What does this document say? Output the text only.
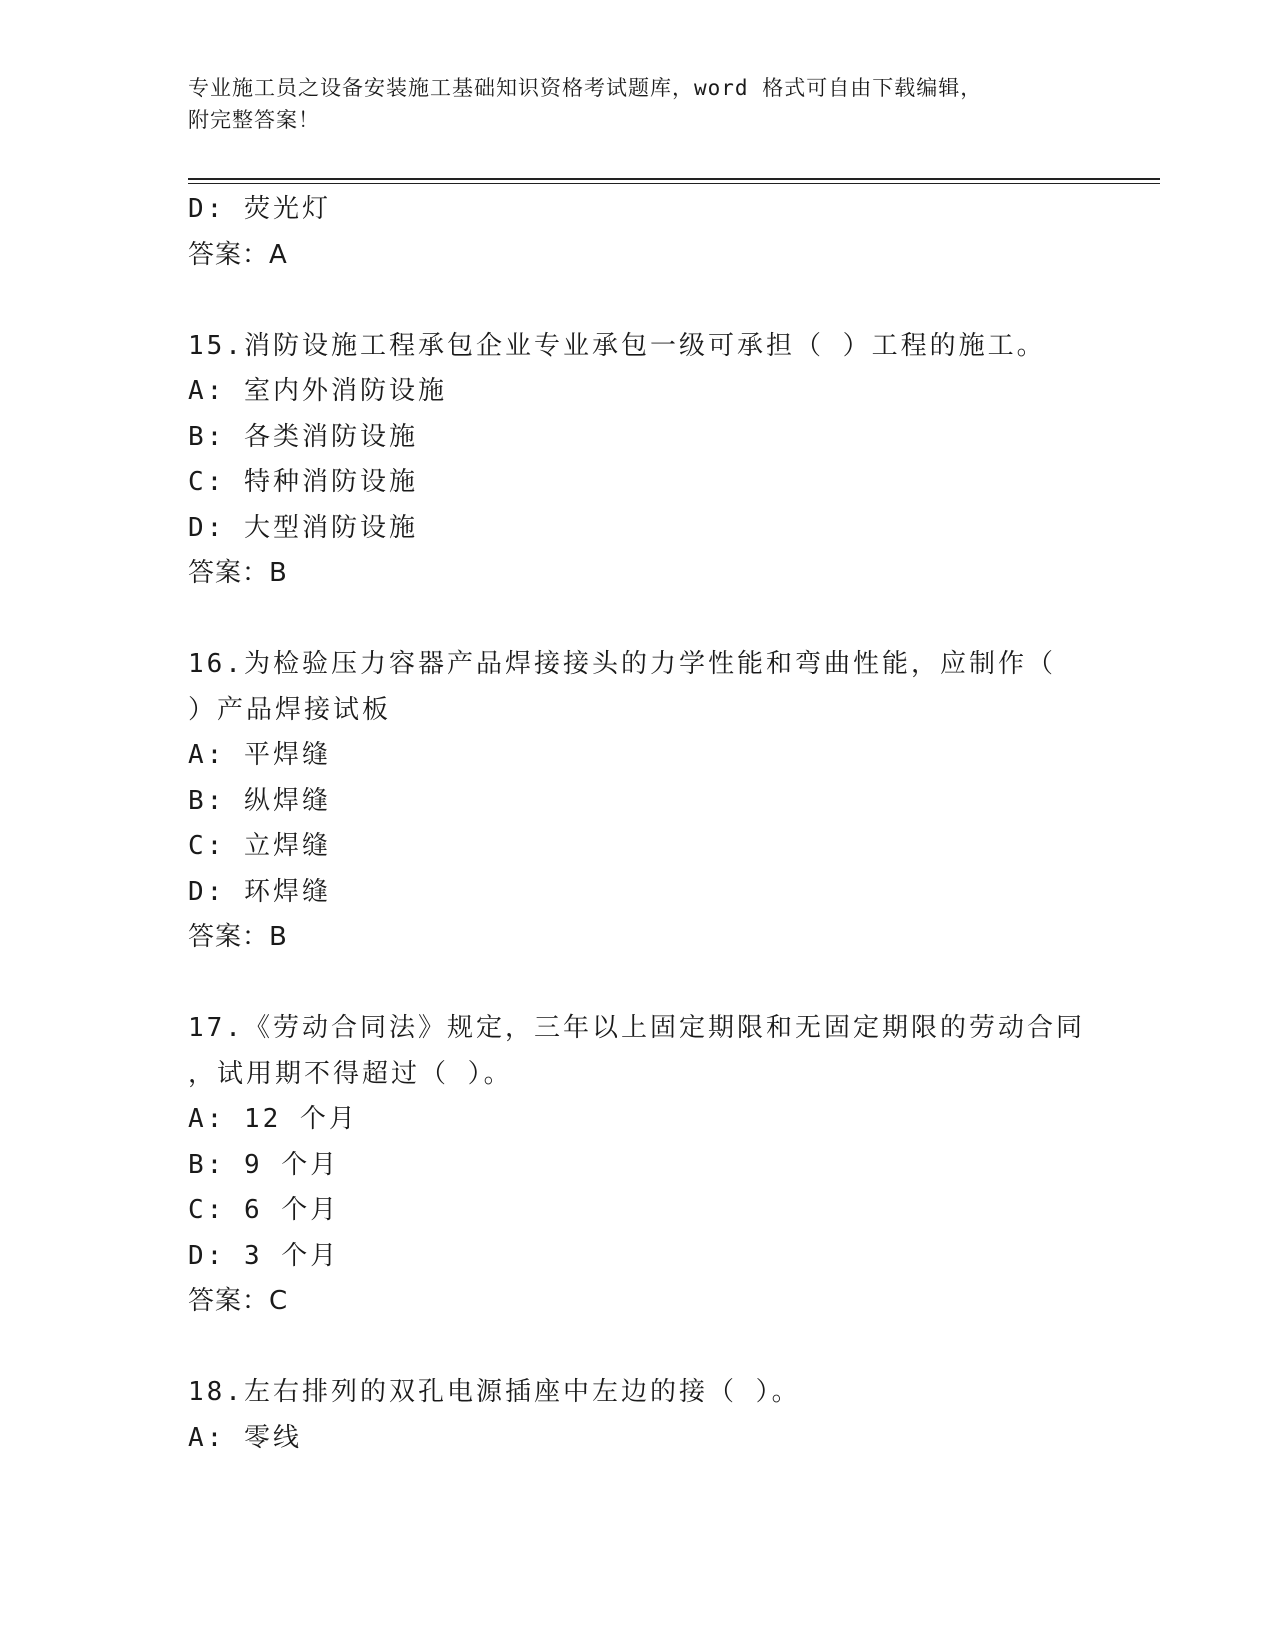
专业施工员之设备安装施工基础知识资格考试题库，word 格式可自由下载编辑，
附完整答案！
D: 荧光灯
答案：A
15.消防设施工程承包企业专业承包一级可承担（ ）工程的施工。
A: 室内外消防设施
B: 各类消防设施
C: 特种消防设施
D: 大型消防设施
答案：B
16.为检验压力容器产品焊接接头的力学性能和弯曲性能，应制作（
）产品焊接试板
A: 平焊缝
B: 纵焊缝
C: 立焊缝
D: 环焊缝
答案：B
17.《劳动合同法》规定，三年以上固定期限和无固定期限的劳动合同
，试用期不得超过（ ）。
A: 12 个月
B: 9 个月
C: 6 个月
D: 3 个月
答案：C
18.左右排列的双孔电源插座中左边的接（ ）。
A: 零线
